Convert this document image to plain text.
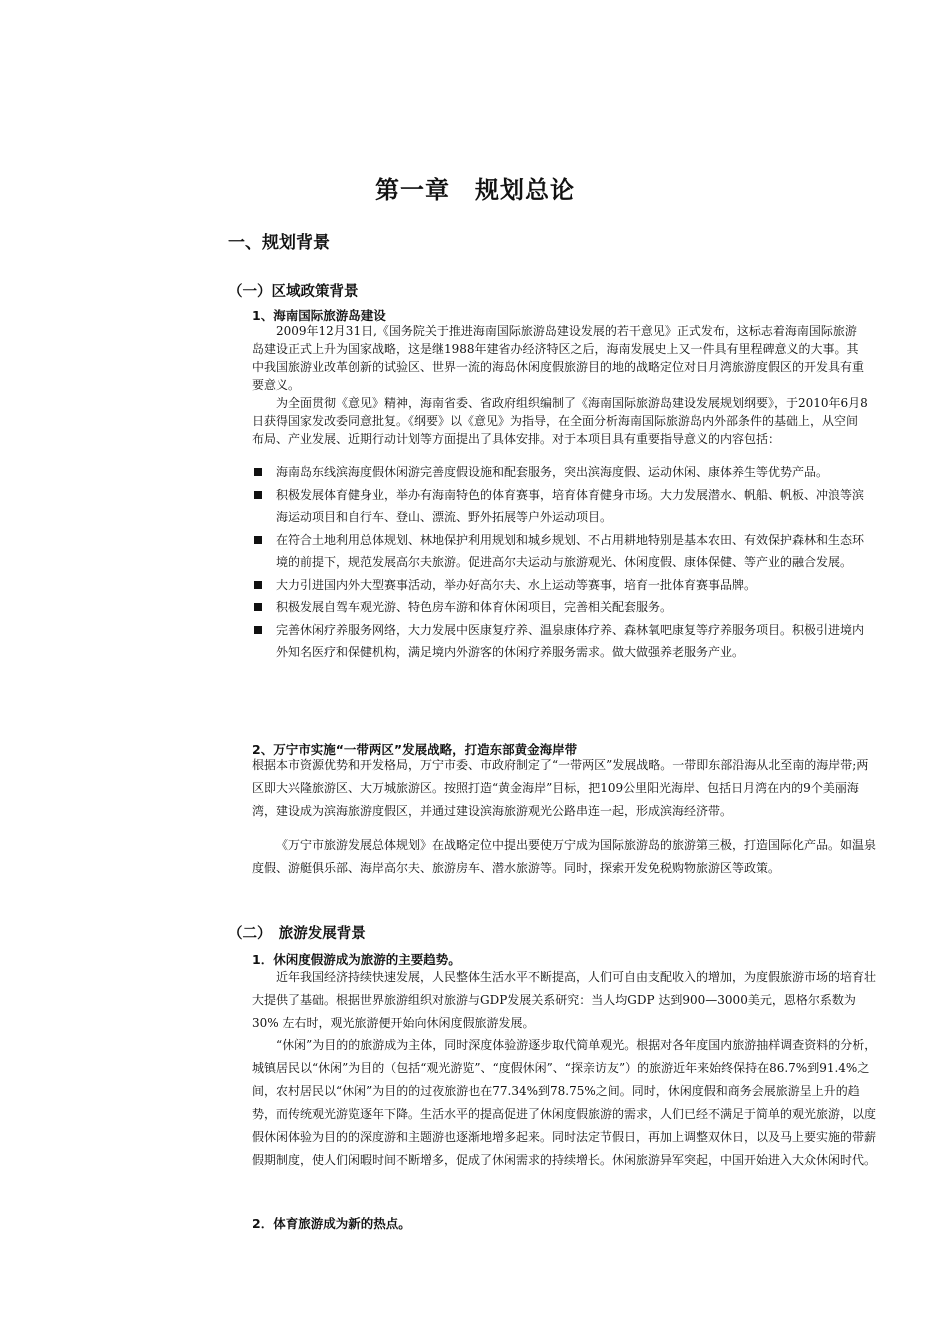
第一章　规划总论
一、规划背景
（一）区域政策背景
1、海南国际旅游岛建设

2009年12月31日,《国务院关于推进海南国际旅游岛建设发展的若干意见》正式发布，这标志着海南国际旅游岛建设正式上升为国家战略，这是继1988年建省办经济特区之后，海南发展史上又一件具有里程碑意义的大事。其中我国旅游业改革创新的试验区、世界一流的海岛休闲度假旅游目的地的战略定位对日月湾旅游度假区的开发具有重要意义。

为全面贯彻《意见》精神，海南省委、省政府组织编制了《海南国际旅游岛建设发展规划纲要》，于2010年6月8日获得国家发改委同意批复。《纲要》以《意见》为指导，在全面分析海南国际旅游岛内外部条件的基础上，从空间布局、产业发展、近期行动计划等方面提出了具体安排。对于本项目具有重要指导意义的内容包括：

海南岛东线滨海度假休闲游完善度假设施和配套服务，突出滨海度假、运动休闲、康体养生等优势产品。
积极发展体育健身业，举办有海南特色的体育赛事，培育体育健身市场。大力发展潜水、帆船、帆板、冲浪等滨海运动项目和自行车、登山、漂流、野外拓展等户外运动项目。
在符合土地利用总体规划、林地保护利用规划和城乡规划、不占用耕地特别是基本农田、有效保护森林和生态环境的前提下，规范发展高尔夫旅游。促进高尔夫运动与旅游观光、休闲度假、康体保健、等产业的融合发展。
大力引进国内外大型赛事活动，举办好高尔夫、水上运动等赛事，培育一批体育赛事品牌。
积极发展自驾车观光游、特色房车游和体育休闲项目，完善相关配套服务。
完善休闲疗养服务网络，大力发展中医康复疗养、温泉康体疗养、森林氧吧康复等疗养服务项目。积极引进境内外知名医疗和保健机构，满足境内外游客的休闲疗养服务需求。做大做强养老服务产业。
2、万宁市实施“一带两区”发展战略，打造东部黄金海岸带

根据本市资源优势和开发格局，万宁市委、市政府制定了“一带两区”发展战略。一带即东部沿海从北至南的海岸带;两区即大兴隆旅游区、大万城旅游区。按照打造“黄金海岸”目标，把109公里阳光海岸、包括日月湾在内的9个美丽海湾，建设成为滨海旅游度假区，并通过建设滨海旅游观光公路串连一起，形成滨海经济带。

《万宁市旅游发展总体规划》在战略定位中提出要使万宁成为国际旅游岛的旅游第三极，打造国际化产品。如温泉度假、游艇俱乐部、海岸高尔夫、旅游房车、潜水旅游等。同时，探索开发免税购物旅游区等政策。

（二）　旅游发展背景
1．休闲度假游成为旅游的主要趋势。

近年我国经济持续快速发展，人民整体生活水平不断提高，人们可自由支配收入的增加，为度假旅游市场的培育壮大提供了基础。根据世界旅游组织对旅游与GDP发展关系研究：当人均GDP 达到900—3000美元，恩格尔系数为30% 左右时，观光旅游便开始向休闲度假旅游发展。

“休闲”为目的的旅游成为主体，同时深度体验游逐步取代简单观光。根据对各年度国内旅游抽样调查资料的分析，城镇居民以“休闲”为目的（包括“观光游览”、“度假休闲”、“探亲访友”）的旅游近年来始终保持在86.7%到91.4%之间，农村居民以“休闲”为目的的过夜旅游也在77.34%到78.75%之间。同时，休闲度假和商务会展旅游呈上升的趋势，而传统观光游览逐年下降。生活水平的提高促进了休闲度假旅游的需求，人们已经不满足于简单的观光旅游，以度假休闲体验为目的的深度游和主题游也逐渐地增多起来。同时法定节假日，再加上调整双休日，以及马上要实施的带薪假期制度，使人们闲暇时间不断增多，促成了休闲需求的持续增长。休闲旅游异军突起，中国开始进入大众休闲时代。

2．体育旅游成为新的热点。
